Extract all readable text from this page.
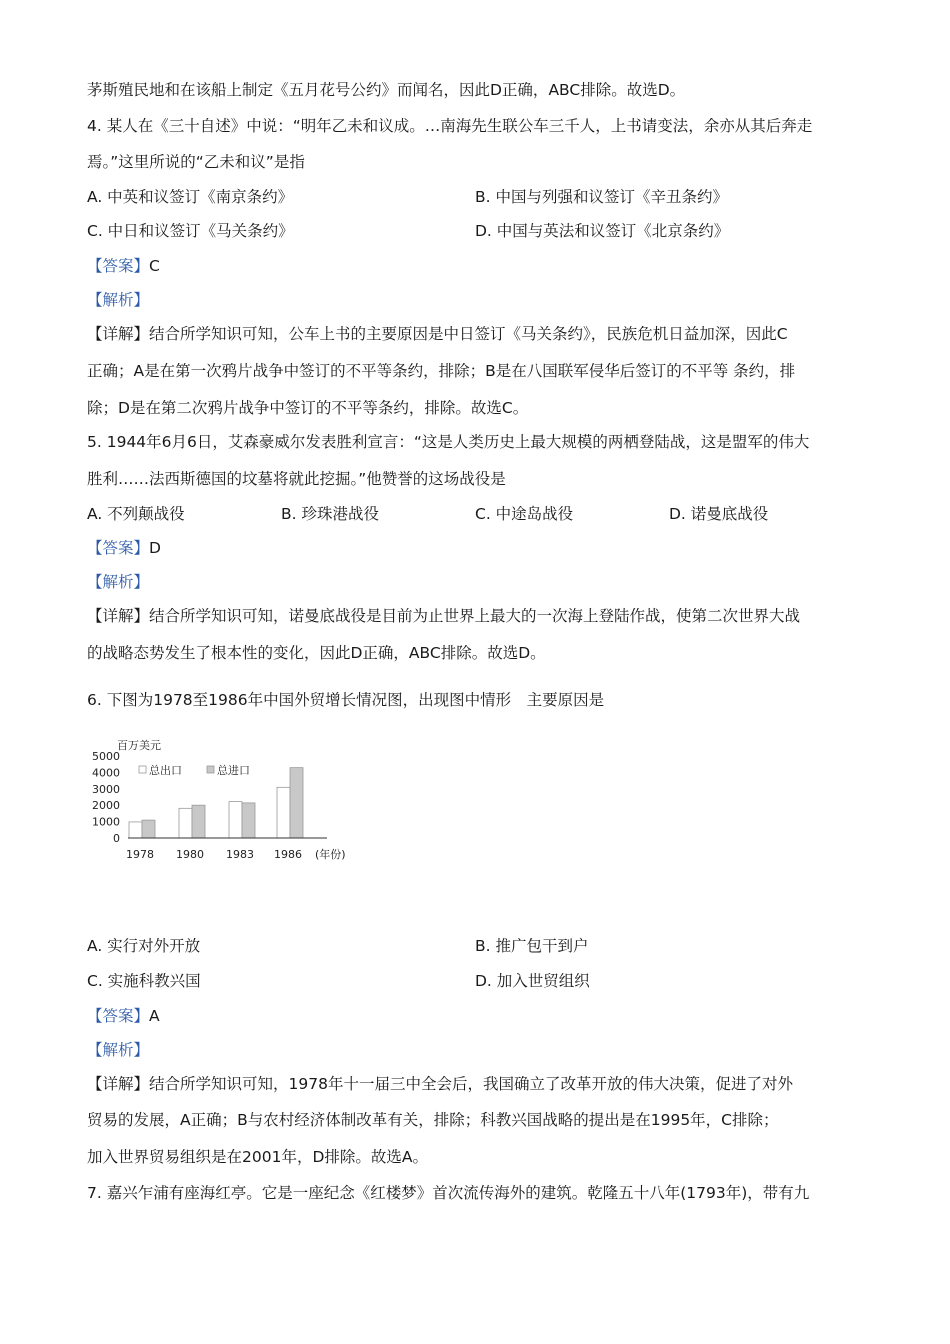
茅斯殖民地和在该船上制定《五月花号公约》而闻名，因此D正确，ABC排除。故选D。
4. 某人在《三十自述》中说：“明年乙未和议成。…南海先生联公车三千人，上书请变法，余亦从其后奔走
焉。”这里所说的“乙未和议”是指
A. 中英和议签订《南京条约》	B. 中国与列强和议签订《辛丑条约》
C. 中日和议签订《马关条约》	D. 中国与英法和议签订《北京条约》
【答案】C
【解析】
【详解】结合所学知识可知，公车上书的主要原因是中日签订《马关条约》，民族危机日益加深，因此C
正确；A是在第一次鸦片战争中签订的不平等条约，排除；B是在八国联军侵华后签订的不平等 条约，排
除；D是在第二次鸦片战争中签订的不平等条约，排除。故选C。
5. 1944年6月6日，艾森豪威尔发表胜利宣言：“这是人类历史上最大规模的两栖登陆战，这是盟军的伟大
胜利……法西斯德国的坟墓将就此挖掘。”他赞誉的这场战役是
A. 不列颠战役	B. 珍珠港战役	C. 中途岛战役	D. 诺曼底战役
【答案】D
【解析】
【详解】结合所学知识可知，诺曼底战役是目前为止世界上最大的一次海上登陆作战，使第二次世界大战
的战略态势发生了根本性的变化，因此D正确，ABC排除。故选D。
6. 下图为1978至1986年中国外贸增长情况图，出现图中情形　主要原因是
百万美元
5000
4000
3000
2000
1000
0
总出口	总进口
1978 1980 1983 1986 (年份)
A. 实行对外开放	B. 推广包干到户
C. 实施科教兴国	D. 加入世贸组织
【答案】A
【解析】
【详解】结合所学知识可知，1978年十一届三中全会后，我国确立了改革开放的伟大决策，促进了对外
贸易的发展，A正确；B与农村经济体制改革有关，排除；科教兴国战略的提出是在1995年，C排除；
加入世界贸易组织是在2001年，D排除。故选A。
7. 嘉兴乍浦有座海红亭。它是一座纪念《红楼梦》首次流传海外的建筑。乾隆五十八年(1793年)，带有九
